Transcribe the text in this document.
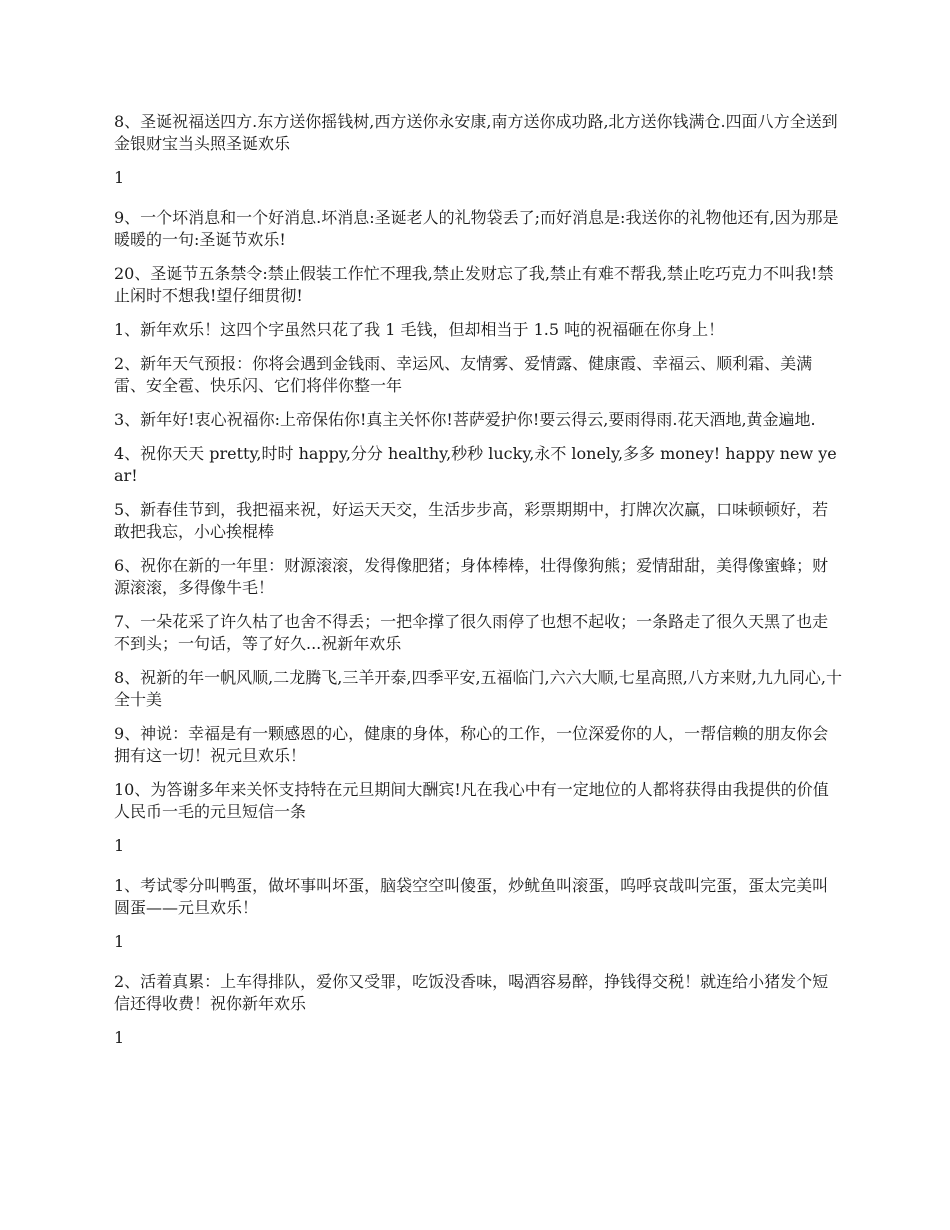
8、圣诞祝福送四方.东方送你摇钱树,西方送你永安康,南方送你成功路,北方送你钱满仓.四面八方全送到金银财宝当头照圣诞欢乐

1

9、一个坏消息和一个好消息.坏消息:圣诞老人的礼物袋丢了;而好消息是:我送你的礼物他还有,因为那是暖暖的一句:圣诞节欢乐!

20、圣诞节五条禁令:禁止假装工作忙不理我,禁止发财忘了我,禁止有难不帮我,禁止吃巧克力不叫我!禁止闲时不想我!望仔细贯彻!

1、新年欢乐！这四个字虽然只花了我 1 毛钱，但却相当于 1.5 吨的祝福砸在你身上！

2、新年天气预报：你将会遇到金钱雨、幸运风、友情雾、爱情露、健康霞、幸福云、顺利霜、美满雷、安全雹、快乐闪、它们将伴你整一年

3、新年好!衷心祝福你:上帝保佑你!真主关怀你!菩萨爱护你!要云得云,要雨得雨.花天酒地,黄金遍地.

4、祝你天天 pretty,时时 happy,分分 healthy,秒秒 lucky,永不 lonely,多多 money! happy new year!

5、新春佳节到，我把福来祝，好运天天交，生活步步高，彩票期期中，打牌次次赢，口味顿顿好，若敢把我忘，小心挨棍棒

6、祝你在新的一年里：财源滚滚，发得像肥猪；身体棒棒，壮得像狗熊；爱情甜甜，美得像蜜蜂；财源滚滚，多得像牛毛！

7、一朵花采了许久枯了也舍不得丢；一把伞撑了很久雨停了也想不起收；一条路走了很久天黑了也走不到头；一句话，等了好久...祝新年欢乐

8、祝新的年一帆风顺,二龙腾飞,三羊开泰,四季平安,五福临门,六六大顺,七星高照,八方来财,九九同心,十全十美

9、神说：幸福是有一颗感恩的心，健康的身体，称心的工作，一位深爱你的人，一帮信赖的朋友你会拥有这一切！祝元旦欢乐！

10、为答谢多年来关怀支持特在元旦期间大酬宾!凡在我心中有一定地位的人都将获得由我提供的价值人民币一毛的元旦短信一条

1

1、考试零分叫鸭蛋，做坏事叫坏蛋，脑袋空空叫傻蛋，炒鱿鱼叫滚蛋，呜呼哀哉叫完蛋，蛋太完美叫圆蛋——元旦欢乐！

1

2、活着真累：上车得排队，爱你又受罪，吃饭没香味，喝酒容易醉，挣钱得交税！就连给小猪发个短信还得收费！祝你新年欢乐

1
